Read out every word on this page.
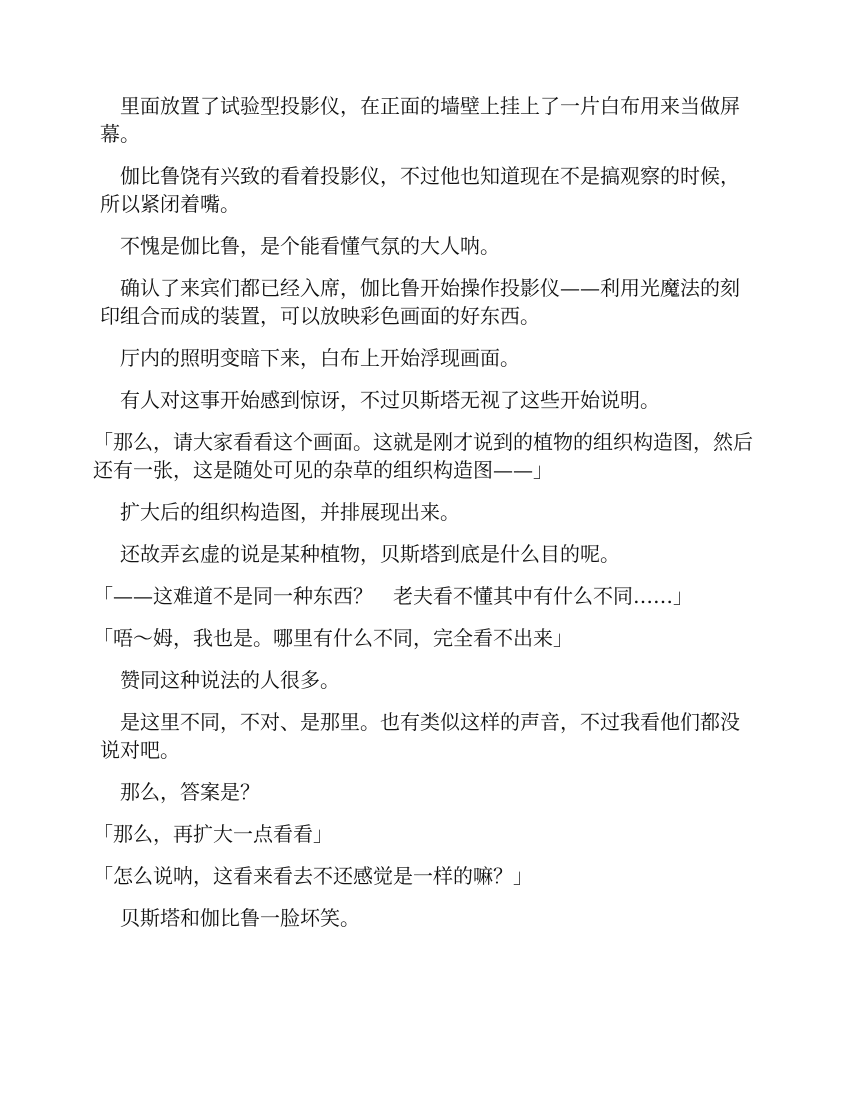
里面放置了试验型投影仪，在正面的墙壁上挂上了一片白布用来当做屏幕。

伽比鲁饶有兴致的看着投影仪，不过他也知道现在不是搞观察的时候，所以紧闭着嘴。

不愧是伽比鲁，是个能看懂气氛的大人呐。

确认了来宾们都已经入席，伽比鲁开始操作投影仪——利用光魔法的刻印组合而成的装置，可以放映彩色画面的好东西。

厅内的照明变暗下来，白布上开始浮现画面。

有人对这事开始感到惊讶，不过贝斯塔无视了这些开始说明。

「那么，请大家看看这个画面。这就是刚才说到的植物的组织构造图，然后还有一张，这是随处可见的杂草的组织构造图——」

扩大后的组织构造图，并排展现出来。

还故弄玄虚的说是某种植物，贝斯塔到底是什么目的呢。

「——这难道不是同一种东西？　老夫看不懂其中有什么不同……」

「唔～姆，我也是。哪里有什么不同，完全看不出来」

赞同这种说法的人很多。

是这里不同，不对、是那里。也有类似这样的声音，不过我看他们都没说对吧。

那么，答案是？

「那么，再扩大一点看看」

「怎么说呐，这看来看去不还感觉是一样的嘛？」

贝斯塔和伽比鲁一脸坏笑。
